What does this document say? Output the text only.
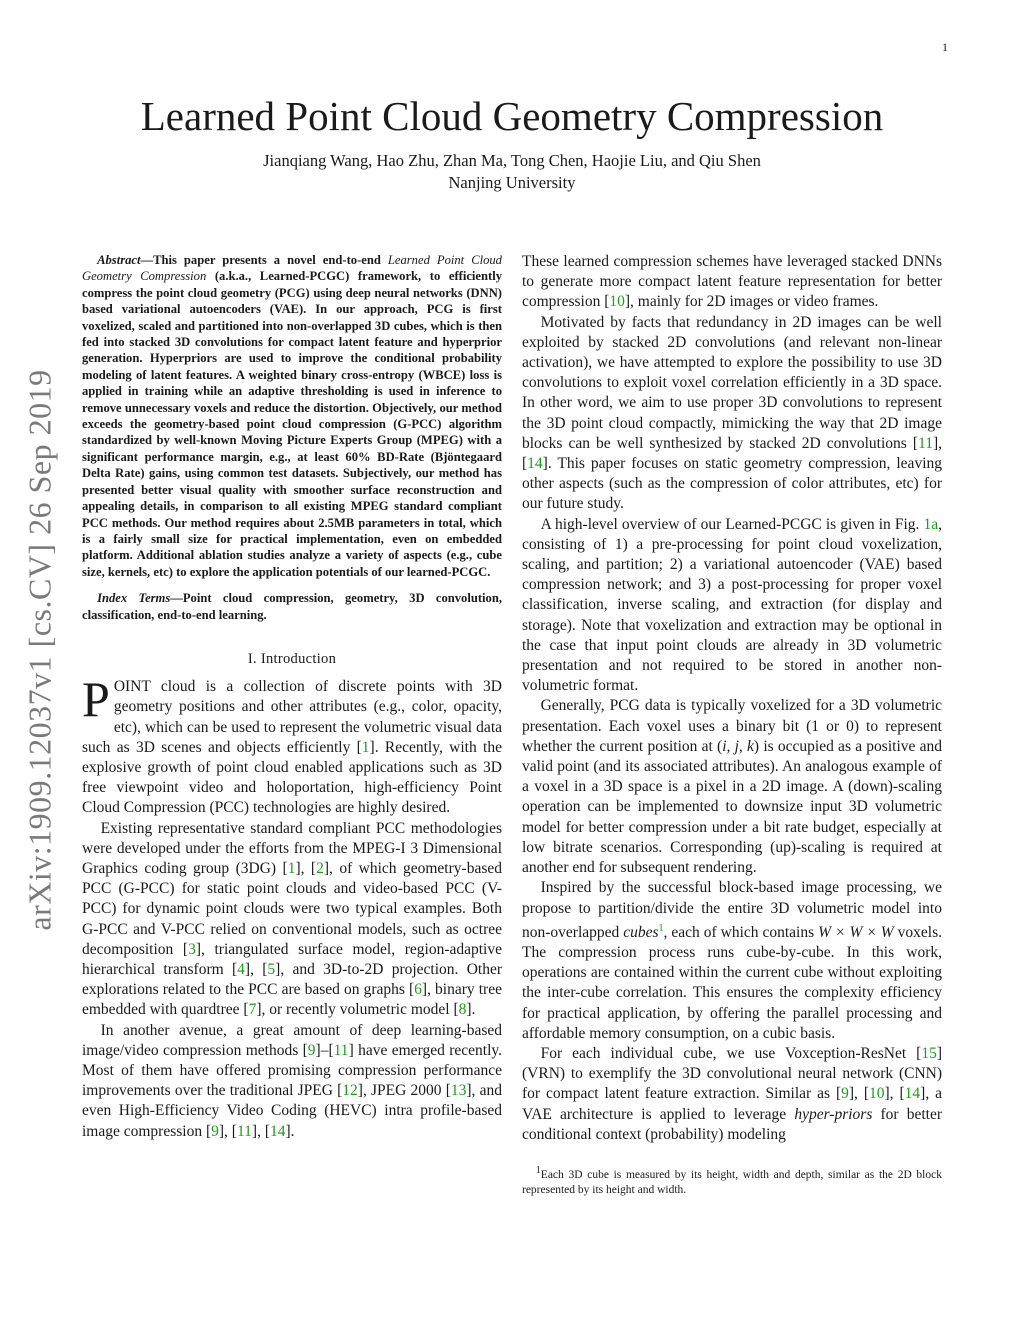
1
arXiv:1909.12037v1 [cs.CV] 26 Sep 2019
Learned Point Cloud Geometry Compression
Jianqiang Wang, Hao Zhu, Zhan Ma, Tong Chen, Haojie Liu, and Qiu Shen
Nanjing University

Abstract—This paper presents a novel end-to-end Learned Point Cloud Geometry Compression (a.k.a., Learned-PCGC) framework, to efficiently compress the point cloud geometry (PCG) using deep neural networks (DNN) based variational autoencoders (VAE). In our approach, PCG is first voxelized, scaled and partitioned into non-overlapped 3D cubes, which is then fed into stacked 3D convolutions for compact latent feature and hyperprior generation. Hyperpriors are used to improve the conditional probability modeling of latent features. A weighted binary cross-entropy (WBCE) loss is applied in training while an adaptive thresholding is used in inference to remove unnecessary voxels and reduce the distortion. Objectively, our method exceeds the geometry-based point cloud compression (G-PCC) algorithm standardized by well-known Moving Picture Experts Group (MPEG) with a significant performance margin, e.g., at least 60% BD-Rate (Bjöntegaard Delta Rate) gains, using common test datasets. Subjectively, our method has presented better visual quality with smoother surface reconstruction and appealing details, in comparison to all existing MPEG standard compliant PCC methods. Our method requires about 2.5MB parameters in total, which is a fairly small size for practical implementation, even on embedded platform. Additional ablation studies analyze a variety of aspects (e.g., cube size, kernels, etc) to explore the application potentials of our learned-PCGC.

Index Terms—Point cloud compression, geometry, 3D convolution, classification, end-to-end learning.

I. Introduction

POINT cloud is a collection of discrete points with 3D geometry positions and other attributes (e.g., color, opacity, etc), which can be used to represent the volumetric visual data such as 3D scenes and objects efficiently [1]. Recently, with the explosive growth of point cloud enabled applications such as 3D free viewpoint video and holoportation, high-efficiency Point Cloud Compression (PCC) technologies are highly desired.

Existing representative standard compliant PCC methodologies were developed under the efforts from the MPEG-I 3 Dimensional Graphics coding group (3DG) [1], [2], of which geometry-based PCC (G-PCC) for static point clouds and video-based PCC (V-PCC) for dynamic point clouds were two typical examples. Both G-PCC and V-PCC relied on conventional models, such as octree decomposition [3], triangulated surface model, region-adaptive hierarchical transform [4], [5], and 3D-to-2D projection. Other explorations related to the PCC are based on graphs [6], binary tree embedded with quardtree [7], or recently volumetric model [8].

In another avenue, a great amount of deep learning-based image/video compression methods [9]–[11] have emerged recently. Most of them have offered promising compression performance improvements over the traditional JPEG [12], JPEG 2000 [13], and even High-Efficiency Video Coding (HEVC) intra profile-based image compression [9], [11], [14].

These learned compression schemes have leveraged stacked DNNs to generate more compact latent feature representation for better compression [10], mainly for 2D images or video frames.

Motivated by facts that redundancy in 2D images can be well exploited by stacked 2D convolutions (and relevant non-linear activation), we have attempted to explore the possibility to use 3D convolutions to exploit voxel correlation efficiently in a 3D space. In other word, we aim to use proper 3D convolutions to represent the 3D point cloud compactly, mimicking the way that 2D image blocks can be well synthesized by stacked 2D convolutions [11], [14]. This paper focuses on static geometry compression, leaving other aspects (such as the compression of color attributes, etc) for our future study.

A high-level overview of our Learned-PCGC is given in Fig. 1a, consisting of 1) a pre-processing for point cloud voxelization, scaling, and partition; 2) a variational autoencoder (VAE) based compression network; and 3) a post-processing for proper voxel classification, inverse scaling, and extraction (for display and storage). Note that voxelization and extraction may be optional in the case that input point clouds are already in 3D volumetric presentation and not required to be stored in another non-volumetric format.

Generally, PCG data is typically voxelized for a 3D volumetric presentation. Each voxel uses a binary bit (1 or 0) to represent whether the current position at (i, j, k) is occupied as a positive and valid point (and its associated attributes). An analogous example of a voxel in a 3D space is a pixel in a 2D image. A (down)-scaling operation can be implemented to downsize input 3D volumetric model for better compression under a bit rate budget, especially at low bitrate scenarios. Corresponding (up)-scaling is required at another end for subsequent rendering.

Inspired by the successful block-based image processing, we propose to partition/divide the entire 3D volumetric model into non-overlapped cubes$^1$, each of which contains W × W × W voxels. The compression process runs cube-by-cube. In this work, operations are contained within the current cube without exploiting the inter-cube correlation. This ensures the complexity efficiency for practical application, by offering the parallel processing and affordable memory consumption, on a cubic basis.

For each individual cube, we use Voxception-ResNet [15] (VRN) to exemplify the 3D convolutional neural network (CNN) for compact latent feature extraction. Similar as [9], [10], [14], a VAE architecture is applied to leverage hyper-priors for better conditional context (probability) modeling

$^1$Each 3D cube is measured by its height, width and depth, similar as the 2D block represented by its height and width.
